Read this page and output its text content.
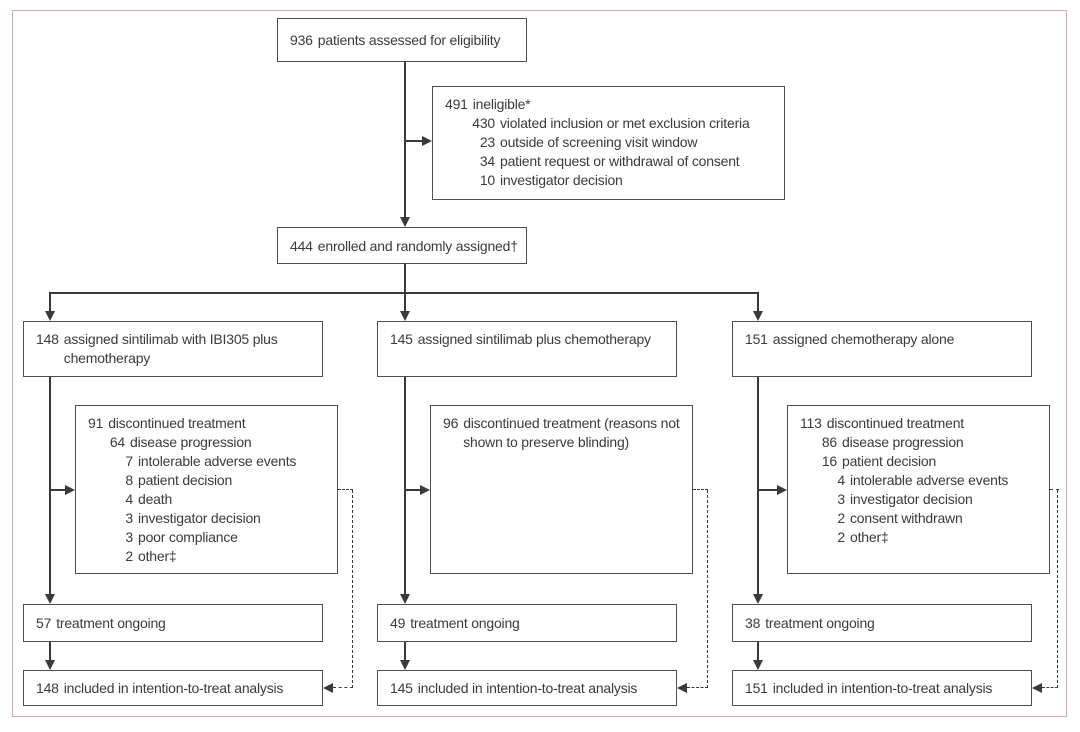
936 patients assessed for eligibility
491 ineligible*
430 violated inclusion or met exclusion criteria
23 outside of screening visit window
34 patient request or withdrawal of consent
10 investigator decision
444 enrolled and randomly assigned†
148 assigned sintilimab with IBI305 plus chemotherapy
91 discontinued treatment
64 disease progression
7 intolerable adverse events
8 patient decision
4 death
3 investigator decision
3 poor compliance
2 other‡
57 treatment ongoing
148 included in intention-to-treat analysis
145 assigned sintilimab plus chemotherapy
96 discontinued treatment (reasons not shown to preserve blinding)
49 treatment ongoing
145 included in intention-to-treat analysis
151 assigned chemotherapy alone
113 discontinued treatment
86 disease progression
16 patient decision
4 intolerable adverse events
3 investigator decision
2 consent withdrawn
2 other‡
38 treatment ongoing
151 included in intention-to-treat analysis
